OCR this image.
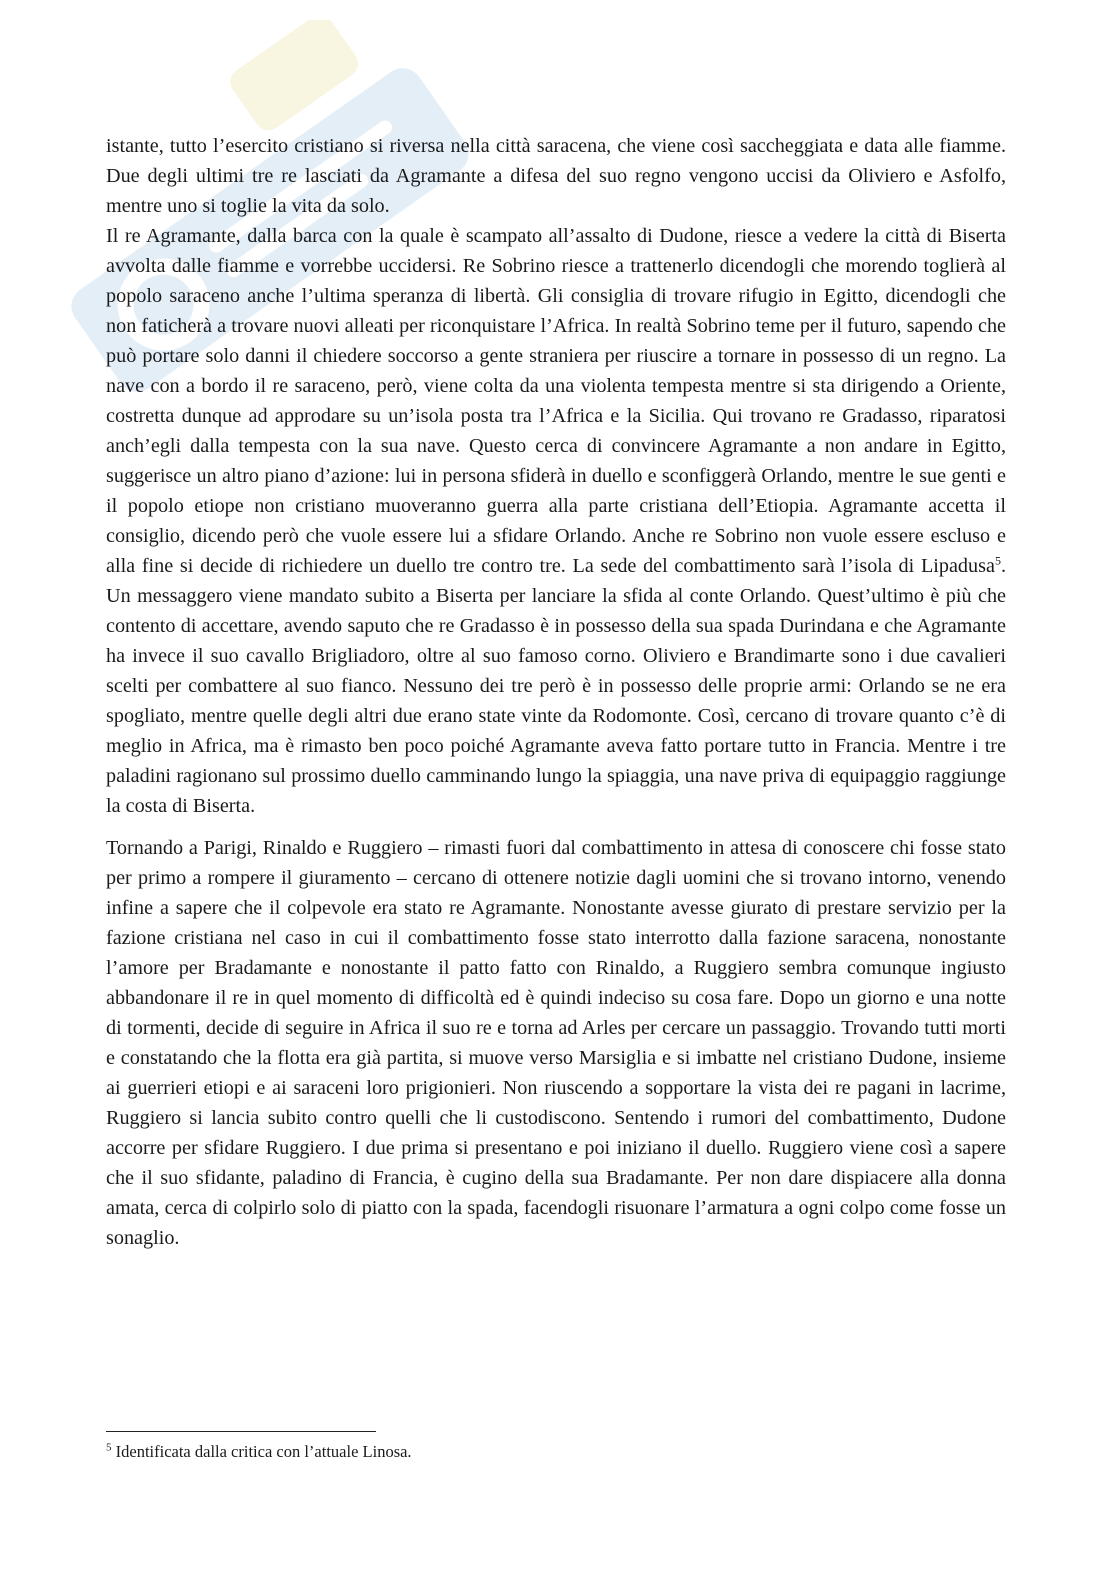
istante, tutto l’esercito cristiano si riversa nella città saracena, che viene così saccheggiata e data alle fiamme. Due degli ultimi tre re lasciati da Agramante a difesa del suo regno vengono uccisi da Oliviero e Asfolfo, mentre uno si toglie la vita da solo.

Il re Agramante, dalla barca con la quale è scampato all’assalto di Dudone, riesce a vedere la città di Biserta avvolta dalle fiamme e vorrebbe uccidersi. Re Sobrino riesce a trattenerlo dicendogli che morendo toglierà al popolo saraceno anche l’ultima speranza di libertà. Gli consiglia di trovare rifugio in Egitto, dicendogli che non faticherà a trovare nuovi alleati per riconquistare l’Africa. In realtà Sobrino teme per il futuro, sapendo che può portare solo danni il chiedere soccorso a gente straniera per riuscire a tornare in possesso di un regno. La nave con a bordo il re saraceno, però, viene colta da una violenta tempesta mentre si sta dirigendo a Oriente, costretta dunque ad approdare su un’isola posta tra l’Africa e la Sicilia. Qui trovano re Gradasso, riparatosi anch’egli dalla tempesta con la sua nave. Questo cerca di convincere Agramante a non andare in Egitto, suggerisce un altro piano d’azione: lui in persona sfiderà in duello e sconfiggerà Orlando, mentre le sue genti e il popolo etiope non cristiano muoveranno guerra alla parte cristiana dell’Etiopia. Agramante accetta il consiglio, dicendo però che vuole essere lui a sfidare Orlando. Anche re Sobrino non vuole essere escluso e alla fine si decide di richiedere un duello tre contro tre. La sede del combattimento sarà l’isola di Lipadusa$^5$. Un messaggero viene mandato subito a Biserta per lanciare la sfida al conte Orlando. Quest’ultimo è più che contento di accettare, avendo saputo che re Gradasso è in possesso della sua spada Durindana e che Agramante ha invece il suo cavallo Brigliadoro, oltre al suo famoso corno. Oliviero e Brandimarte sono i due cavalieri scelti per combattere al suo fianco. Nessuno dei tre però è in possesso delle proprie armi: Orlando se ne era spogliato, mentre quelle degli altri due erano state vinte da Rodomonte. Così, cercano di trovare quanto c’è di meglio in Africa, ma è rimasto ben poco poiché Agramante aveva fatto portare tutto in Francia. Mentre i tre paladini ragionano sul prossimo duello camminando lungo la spiaggia, una nave priva di equipaggio raggiunge la costa di Biserta.

Tornando a Parigi, Rinaldo e Ruggiero – rimasti fuori dal combattimento in attesa di conoscere chi fosse stato per primo a rompere il giuramento – cercano di ottenere notizie dagli uomini che si trovano intorno, venendo infine a sapere che il colpevole era stato re Agramante. Nonostante avesse giurato di prestare servizio per la fazione cristiana nel caso in cui il combattimento fosse stato interrotto dalla fazione saracena, nonostante l’amore per Bradamante e nonostante il patto fatto con Rinaldo, a Ruggiero sembra comunque ingiusto abbandonare il re in quel momento di difficoltà ed è quindi indeciso su cosa fare. Dopo un giorno e una notte di tormenti, decide di seguire in Africa il suo re e torna ad Arles per cercare un passaggio. Trovando tutti morti e constatando che la flotta era già partita, si muove verso Marsiglia e si imbatte nel cristiano Dudone, insieme ai guerrieri etiopi e ai saraceni loro prigionieri. Non riuscendo a sopportare la vista dei re pagani in lacrime, Ruggiero si lancia subito contro quelli che li custodiscono. Sentendo i rumori del combattimento, Dudone accorre per sfidare Ruggiero. I due prima si presentano e poi iniziano il duello. Ruggiero viene così a sapere che il suo sfidante, paladino di Francia, è cugino della sua Bradamante. Per non dare dispiacere alla donna amata, cerca di colpirlo solo di piatto con la spada, facendogli risuonare l’armatura a ogni colpo come fosse un sonaglio.

$^5$ Identificata dalla critica con l’attuale Linosa.
